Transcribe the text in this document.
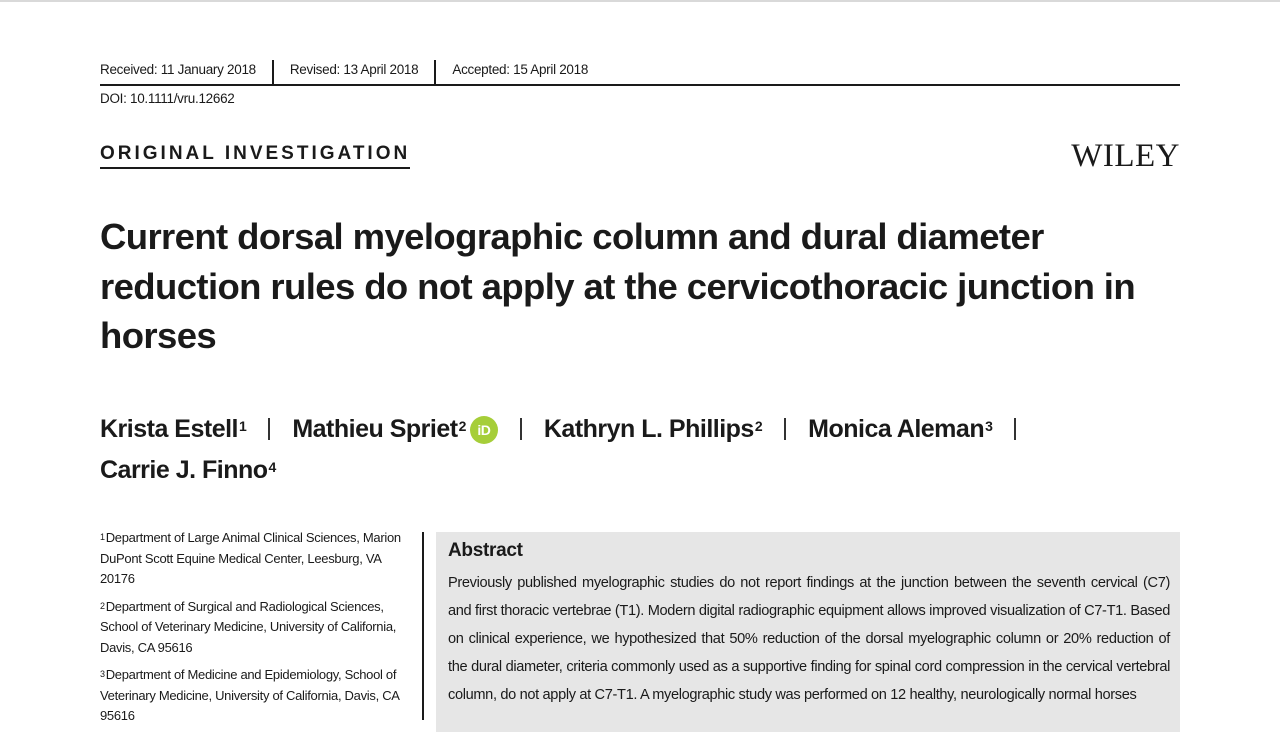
Received: 11 January 2018	Revised: 13 April 2018	Accepted: 15 April 2018
DOI: 10.1111/vru.12662
ORIGINAL INVESTIGATION	WILEY
Current dorsal myelographic column and dural diameter reduction rules do not apply at the cervicothoracic junction in horses
Krista Estell$^1$ Mathieu Spriet$^2$ iD Kathryn L. Phillips$^2$ Monica Aleman$^3$
Carrie J. Finno$^4$
$^1$Department of Large Animal Clinical Sciences, Marion DuPont Scott Equine Medical Center, Leesburg, VA 20176
$^2$Department of Surgical and Radiological Sciences, School of Veterinary Medicine, University of California, Davis, CA 95616
$^3$Department of Medicine and Epidemiology, School of Veterinary Medicine, University of California, Davis, CA 95616
Abstract
Previously published myelographic studies do not report findings at the junction between the seventh cervical (C7) and first thoracic vertebrae (T1). Modern digital radiographic equipment allows improved visualization of C7-T1. Based on clinical experience, we hypothesized that 50% reduction of the dorsal myelographic column or 20% reduction of the dural diameter, criteria commonly used as a supportive finding for spinal cord compression in the cervical vertebral column, do not apply at C7-T1. A myelographic study was performed on 12 healthy, neurologically normal horses
